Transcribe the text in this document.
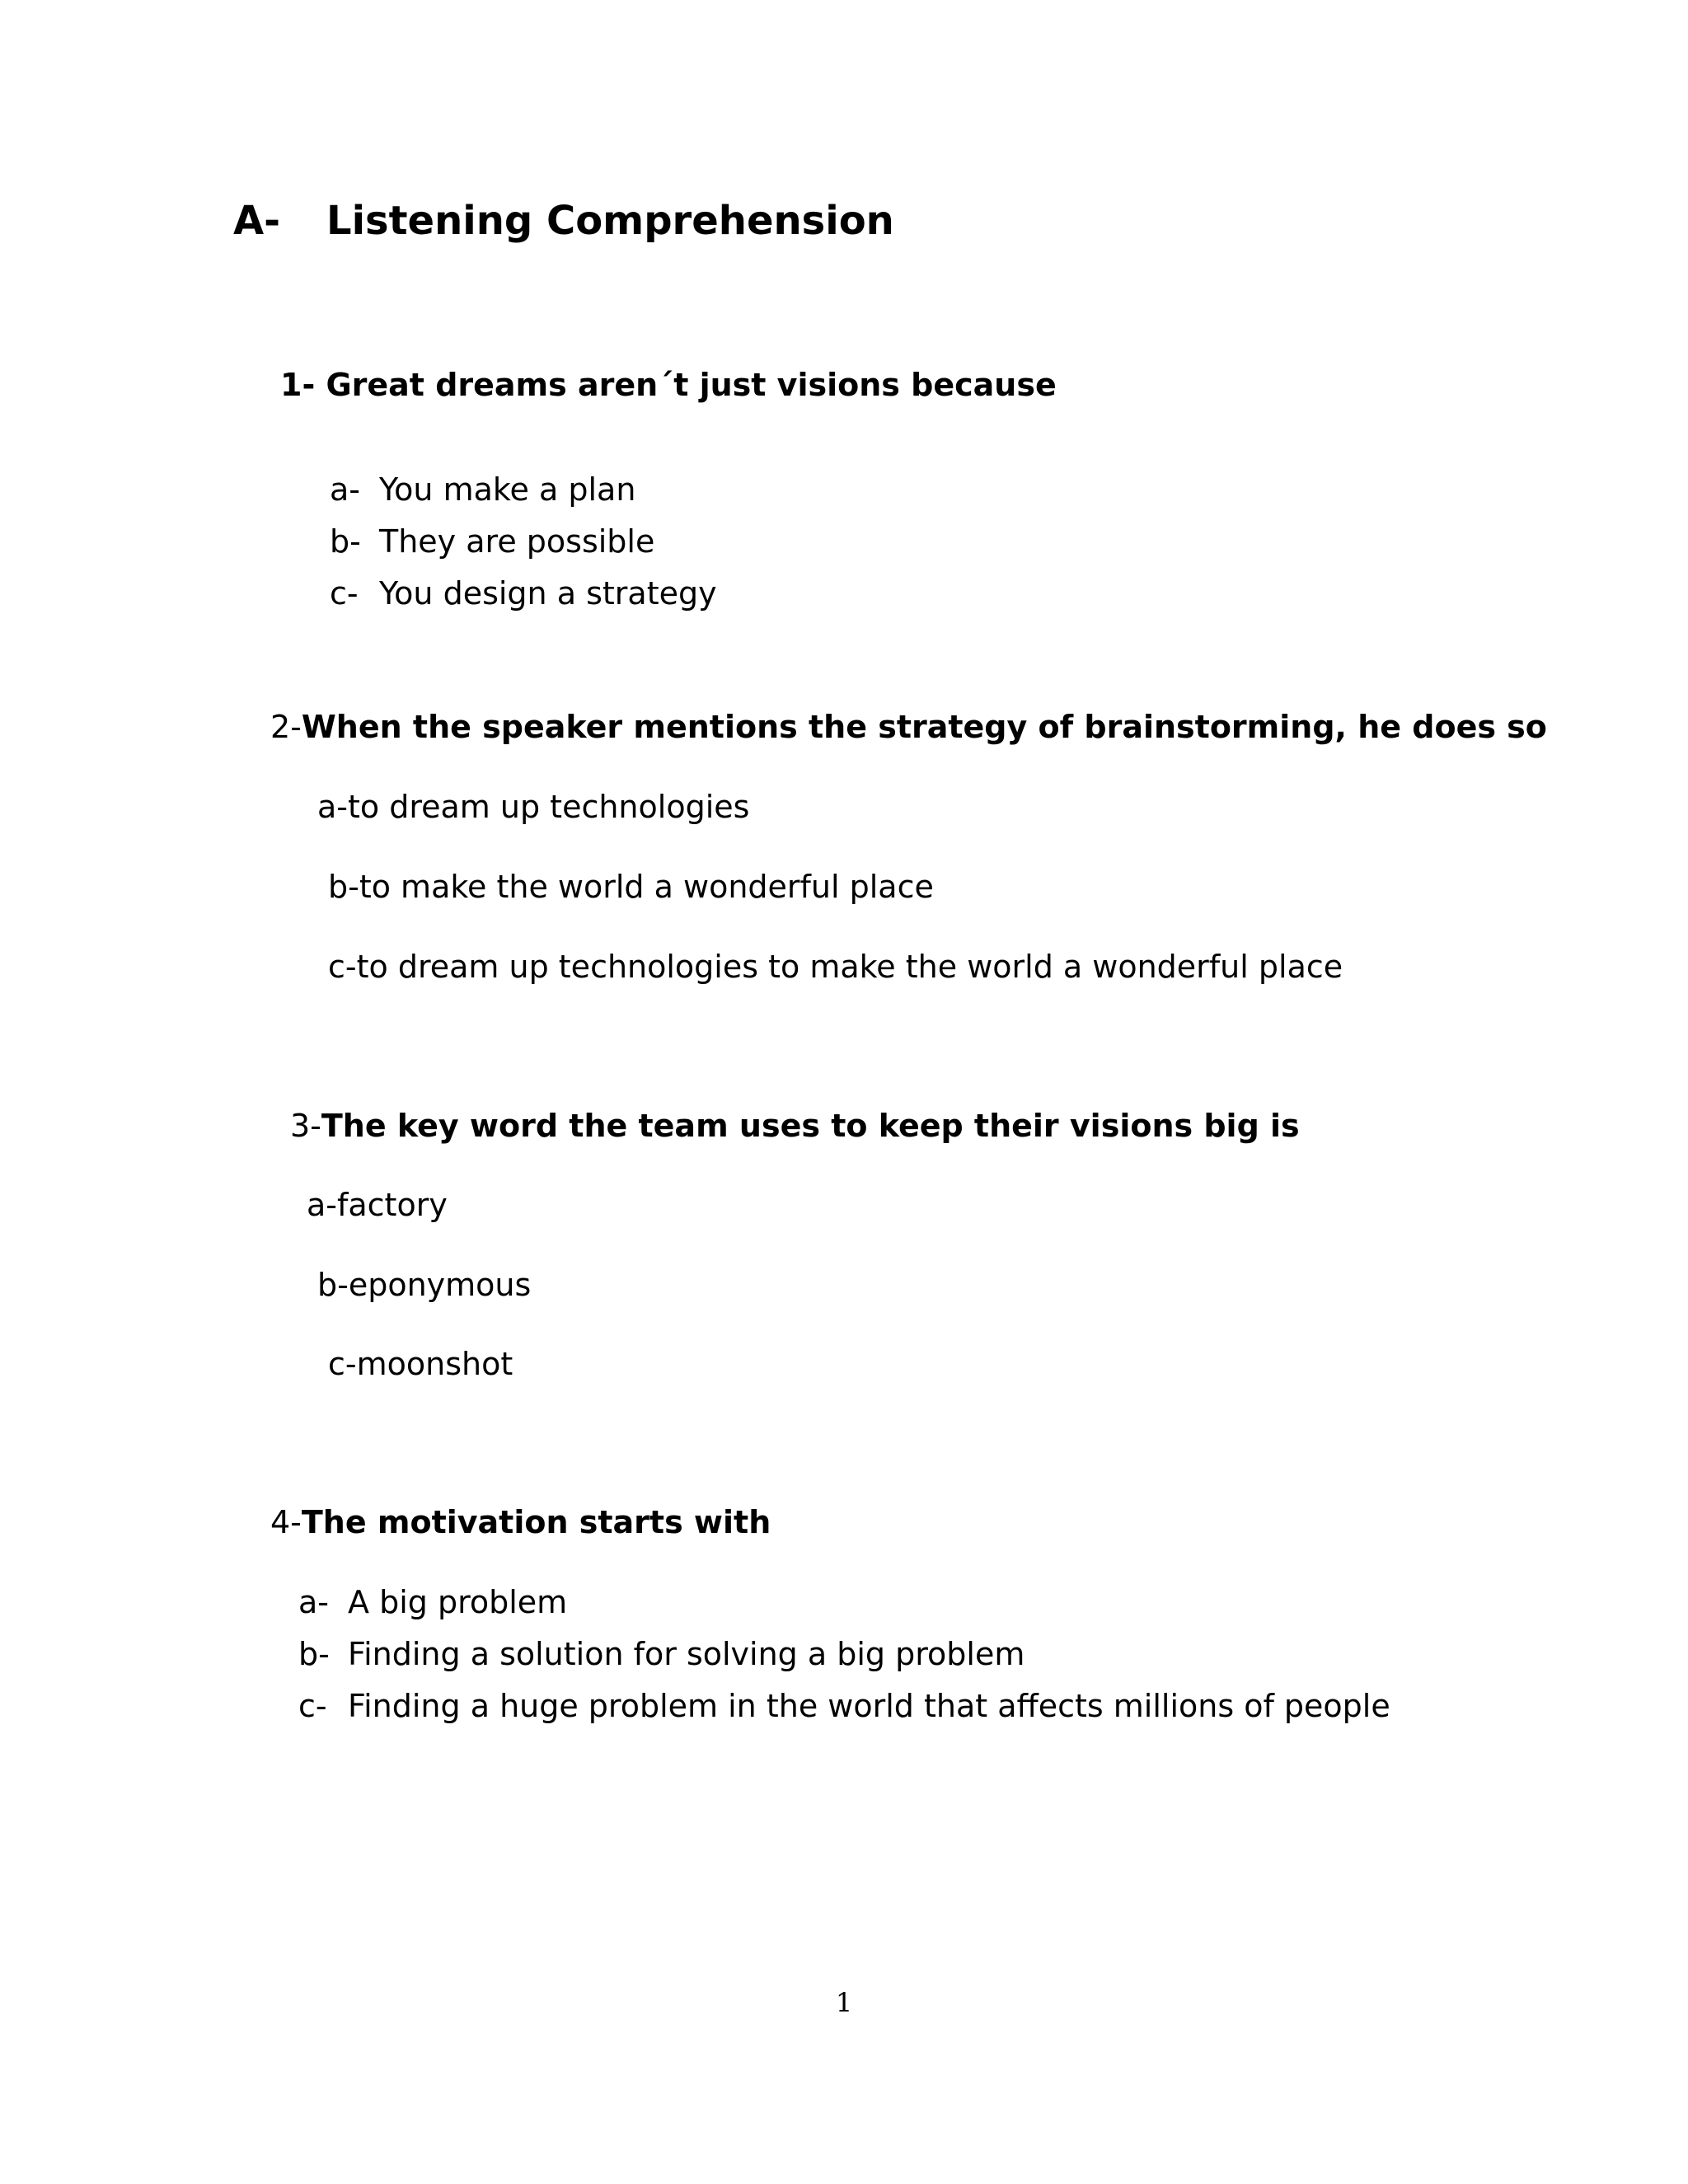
A- Listening Comprehension
1- Great dreams aren´t just visions because
a- You make a plan
b- They are possible
c- You design a strategy
2-When the speaker mentions the strategy of brainstorming, he does so
a-to dream up technologies
b-to make the world a wonderful place
c-to dream up technologies to make the world a wonderful place
3-The key word the team uses to keep their visions big is
a-factory
b-eponymous
c-moonshot
4-The motivation starts with
a- A big problem
b- Finding a solution for solving a big problem
c- Finding a huge problem in the world that affects millions of people
1
